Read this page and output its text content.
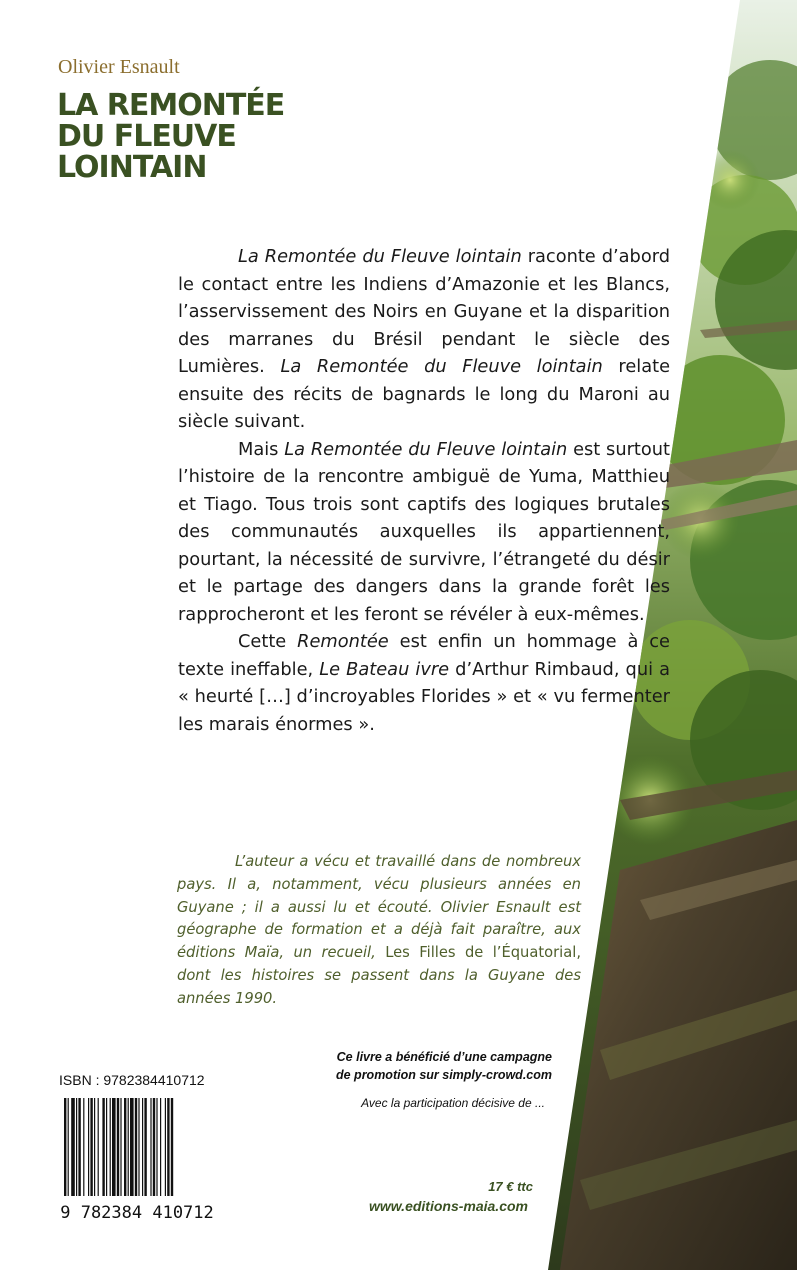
Olivier Esnault
LA REMONTÉE
DU FLEUVE
LOINTAIN

La Remontée du Fleuve lointain raconte d’abord le contact entre les Indiens d’Amazonie et les Blancs, l’asservissement des Noirs en Guyane et la disparition des marranes du Brésil pendant le siècle des Lumières. La Remontée du Fleuve lointain relate ensuite des récits de bagnards le long du Maroni au siècle suivant.

Mais La Remontée du Fleuve lointain est surtout l’histoire de la rencontre ambiguë de Yuma, Matthieu et Tiago. Tous trois sont captifs des logiques brutales des communautés auxquelles ils appartiennent, pourtant, la nécessité de survivre, l’étrangeté du désir et le partage des dangers dans la grande forêt les rapprocheront et les feront se révéler à eux-mêmes.

Cette Remontée est enfin un hommage à ce texte ineffable, Le Bateau ivre d’Arthur Rimbaud, qui a « heurté […] d’incroyables Florides » et « vu fermenter les marais énormes ».

L’auteur a vécu et travaillé dans de nombreux pays. Il a, notamment, vécu plusieurs années en Guyane ; il a aussi lu et écouté. Olivier Esnault est géographe de formation et a déjà fait paraître, aux éditions Maïa, un recueil, Les Filles de l’Équatorial, dont les histoires se passent dans la Guyane des années 1990.
ISBN : 9782384410712
9 782384 410712
Ce livre a bénéficié d’une campagne
de promotion sur simply-crowd.com
Avec la participation décisive de ...
17 € ttc
www.editions-maia.com
